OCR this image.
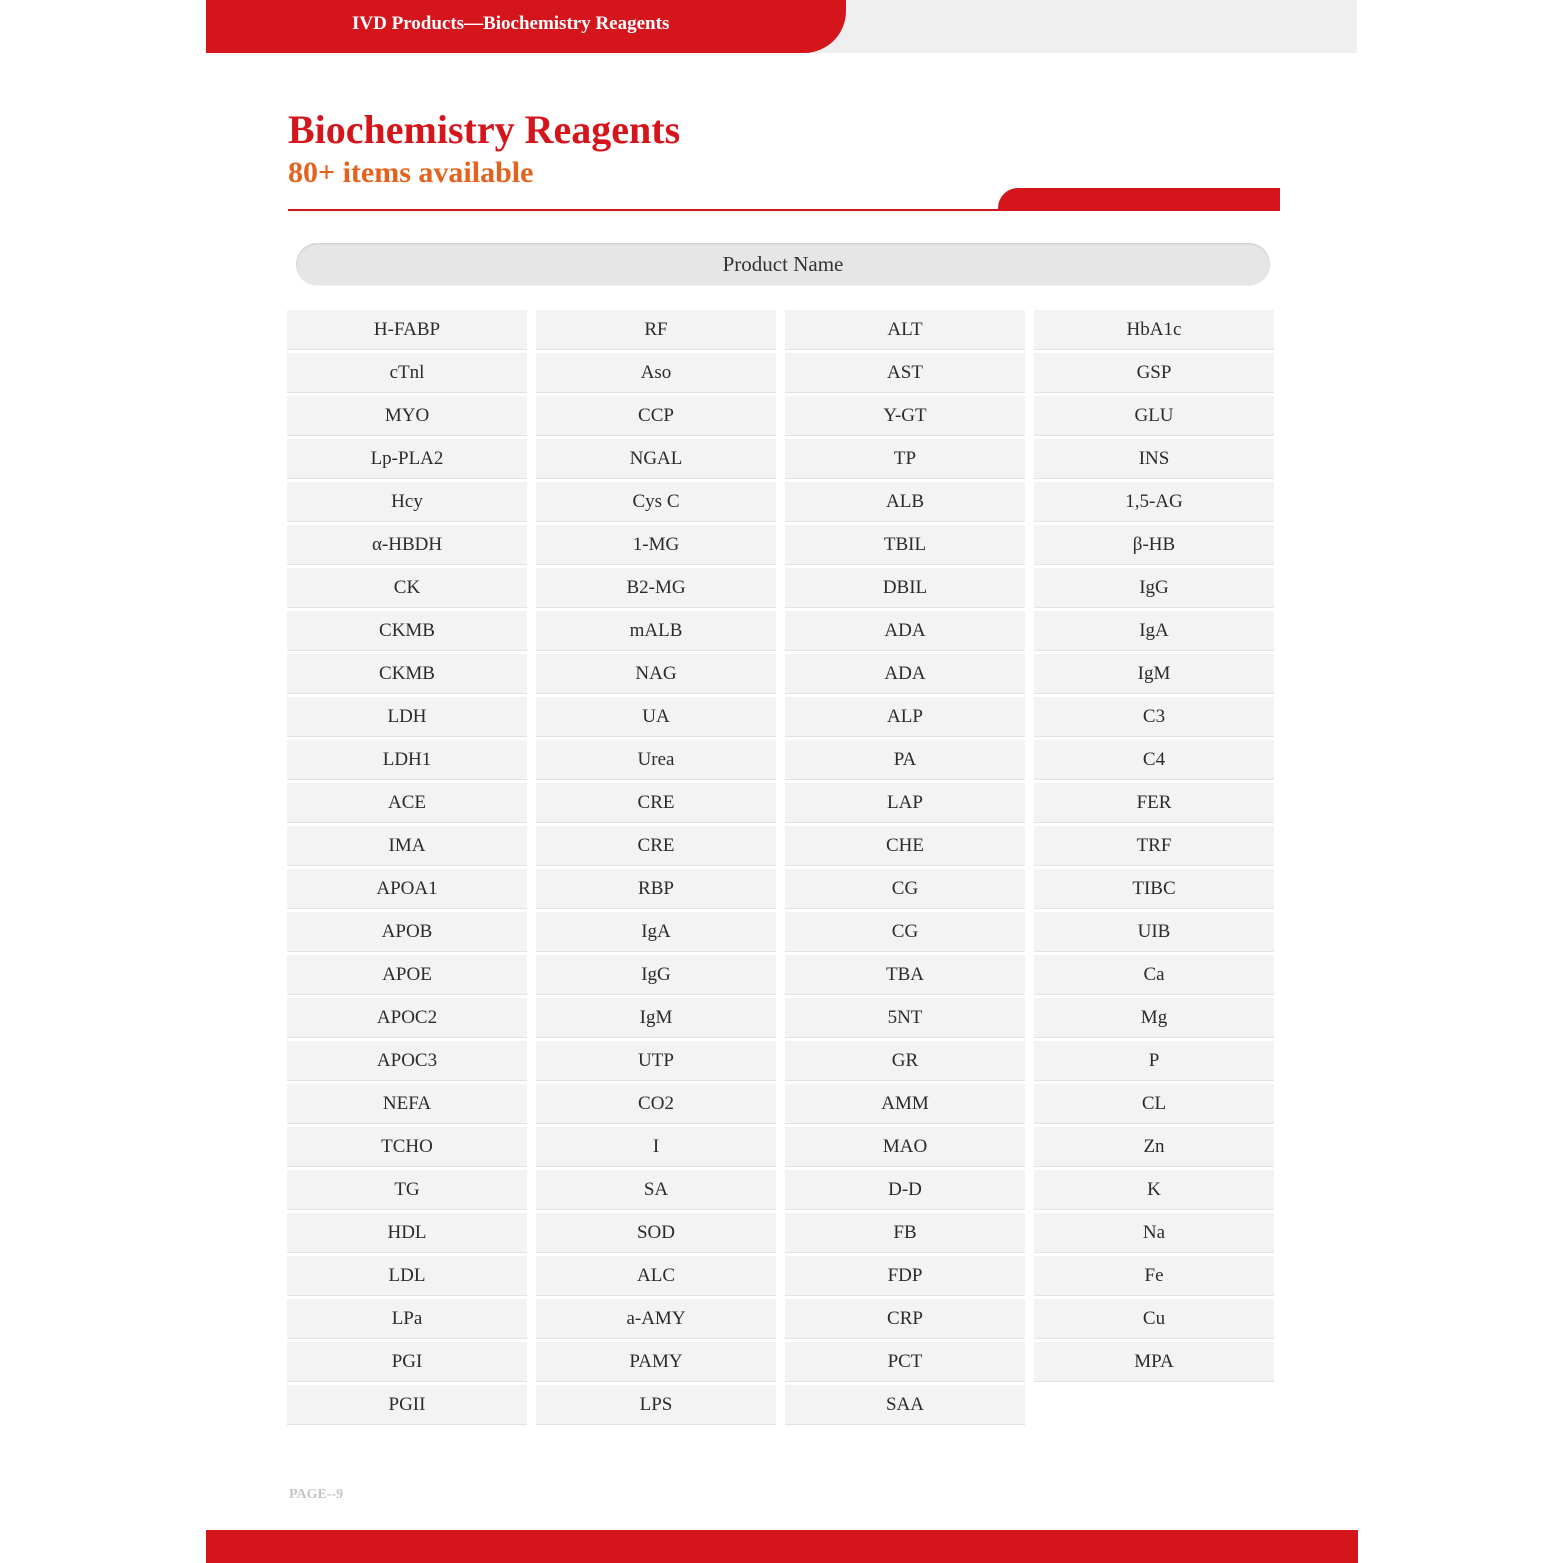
IVD Products—Biochemistry Reagents
Biochemistry Reagents
80+ items available
Product Name
H-FABP
cTnl
MYO
Lp-PLA2
Hcy
α-HBDH
CK
CKMB
CKMB
LDH
LDH1
ACE
IMA
APOA1
APOB
APOE
APOC2
APOC3
NEFA
TCHO
TG
HDL
LDL
LPa
PGI
PGII
RF
Aso
CCP
NGAL
Cys C
1-MG
B2-MG
mALB
NAG
UA
Urea
CRE
CRE
RBP
IgA
IgG
IgM
UTP
CO2
I
SA
SOD
ALC
a-AMY
PAMY
LPS
ALT
AST
Y-GT
TP
ALB
TBIL
DBIL
ADA
ADA
ALP
PA
LAP
CHE
CG
CG
TBA
5NT
GR
AMM
MAO
D-D
FB
FDP
CRP
PCT
SAA
HbA1c
GSP
GLU
INS
1,5-AG
β-HB
IgG
IgA
IgM
C3
C4
FER
TRF
TIBC
UIB
Ca
Mg
P
CL
Zn
K
Na
Fe
Cu
MPA
PAGE--9
